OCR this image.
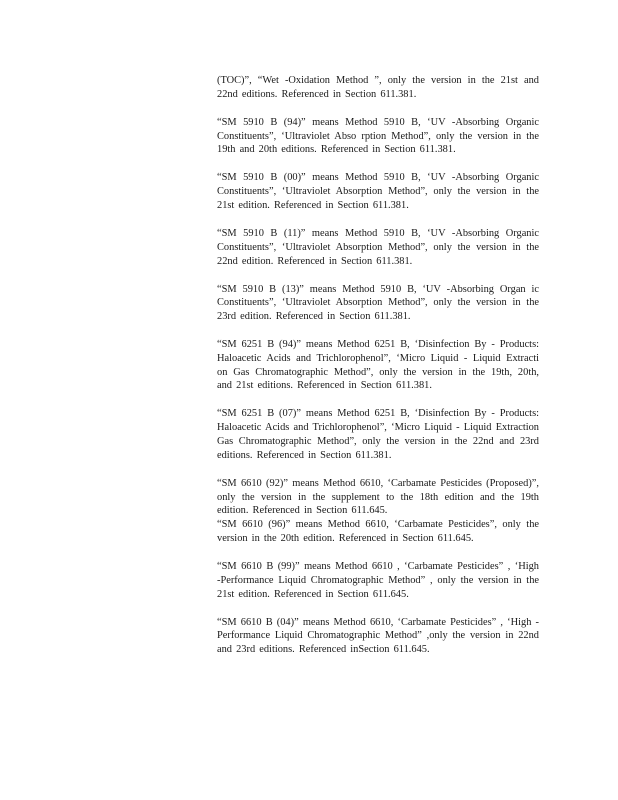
(TOC)”, “Wet -Oxidation Method ”, only the version in the 21st and 22nd editions. Referenced in Section 611.381.

“SM 5910 B (94)” means Method 5910 B, ‘UV -Absorbing Organic Constituents”, ‘Ultraviolet Abso rption Method”, only the version in the 19th and 20th editions. Referenced in Section 611.381.

“SM 5910 B (00)” means Method 5910 B, ‘UV -Absorbing Organic Constituents”, ‘Ultraviolet Absorption Method”, only the version in the 21st edition. Referenced in Section 611.381.

“SM 5910 B (11)” means Method 5910 B, ‘UV -Absorbing Organic Constituents”, ‘Ultraviolet Absorption Method”, only the version in the 22nd edition. Referenced in Section 611.381.

“SM 5910 B (13)” means Method 5910 B, ‘UV -Absorbing Organ ic Constituents”, ‘Ultraviolet Absorption Method”, only the version in the 23rd edition. Referenced in Section 611.381.

“SM 6251 B (94)” means Method 6251 B, ‘Disinfection By - Products: Haloacetic Acids and Trichlorophenol”, ‘Micro Liquid - Liquid Extracti on Gas Chromatographic Method”, only the version in the 19th, 20th, and 21st editions. Referenced in Section 611.381.

“SM 6251 B (07)” means Method 6251 B, ‘Disinfection By - Products: Haloacetic Acids and Trichlorophenol”, ‘Micro Liquid - Liquid Extraction Gas Chromatographic Method”, only the version in the 22nd and 23rd editions. Referenced in Section 611.381.

“SM 6610 (92)” means Method 6610, ‘Carbamate Pesticides (Proposed)”, only the version in the supplement to the 18th edition and the 19th edition. Referenced in Section 611.645.

“SM 6610 (96)” means Method 6610, ‘Carbamate Pesticides”, only the version in the 20th edition. Referenced in Section 611.645.

“SM 6610 B (99)” means Method 6610 , ‘Carbamate Pesticides” , ‘High -Performance Liquid Chromatographic Method” , only the version in the 21st edition. Referenced in Section 611.645.

“SM 6610 B (04)” means Method 6610, ‘Carbamate Pesticides” , ‘High -Performance Liquid Chromatographic Method” ,only the version in 22nd and 23rd editions. Referenced inSection 611.645.
